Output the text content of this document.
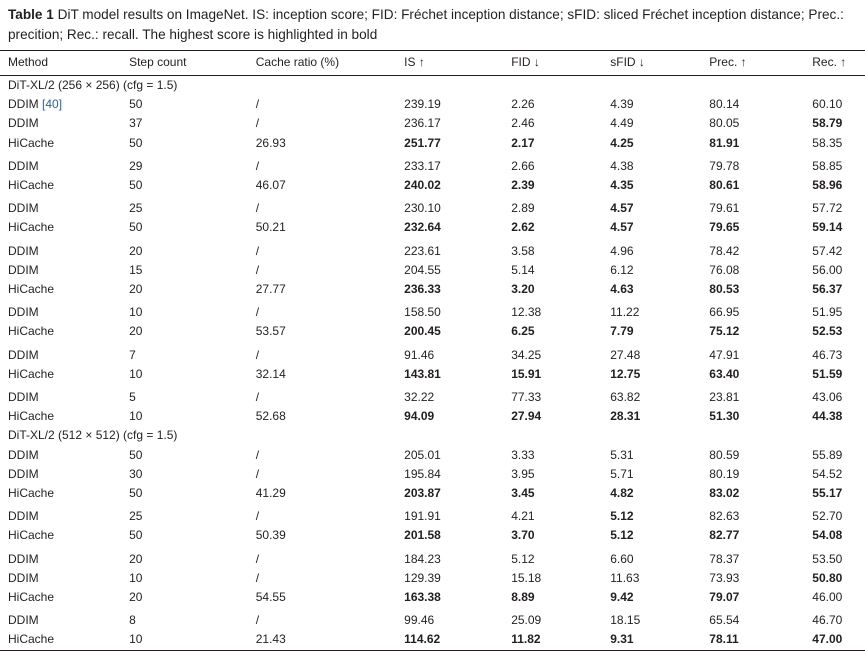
Table 1 DiT model results on ImageNet. IS: inception score; FID: Fréchet inception distance; sFID: sliced Fréchet inception distance; Prec.: precition; Rec.: recall. The highest score is highlighted in bold
Method	Step count	Cache ratio (%)	IS ↑	FID ↓	sFID ↓	Prec. ↑	Rec. ↑
DiT-XL/2 (256 × 256) (cfg = 1.5)							
DDIM [40]	50	/	239.19	2.26	4.39	80.14	60.10
DDIM	37	/	236.17	2.46	4.49	80.05	58.79
HiCache	50	26.93	251.77	2.17	4.25	81.91	58.35
DDIM	29	/	233.17	2.66	4.38	79.78	58.85
HiCache	50	46.07	240.02	2.39	4.35	80.61	58.96
DDIM	25	/	230.10	2.89	4.57	79.61	57.72
HiCache	50	50.21	232.64	2.62	4.57	79.65	59.14
DDIM	20	/	223.61	3.58	4.96	78.42	57.42
DDIM	15	/	204.55	5.14	6.12	76.08	56.00
HiCache	20	27.77	236.33	3.20	4.63	80.53	56.37
DDIM	10	/	158.50	12.38	11.22	66.95	51.95
HiCache	20	53.57	200.45	6.25	7.79	75.12	52.53
DDIM	7	/	91.46	34.25	27.48	47.91	46.73
HiCache	10	32.14	143.81	15.91	12.75	63.40	51.59
DDIM	5	/	32.22	77.33	63.82	23.81	43.06
HiCache	10	52.68	94.09	27.94	28.31	51.30	44.38
DiT-XL/2 (512 × 512) (cfg = 1.5)							
DDIM	50	/	205.01	3.33	5.31	80.59	55.89
DDIM	30	/	195.84	3.95	5.71	80.19	54.52
HiCache	50	41.29	203.87	3.45	4.82	83.02	55.17
DDIM	25	/	191.91	4.21	5.12	82.63	52.70
HiCache	50	50.39	201.58	3.70	5.12	82.77	54.08
DDIM	20	/	184.23	5.12	6.60	78.37	53.50
DDIM	10	/	129.39	15.18	11.63	73.93	50.80
HiCache	20	54.55	163.38	8.89	9.42	79.07	46.00
DDIM	8	/	99.46	25.09	18.15	65.54	46.70
HiCache	10	21.43	114.62	11.82	9.31	78.11	47.00
